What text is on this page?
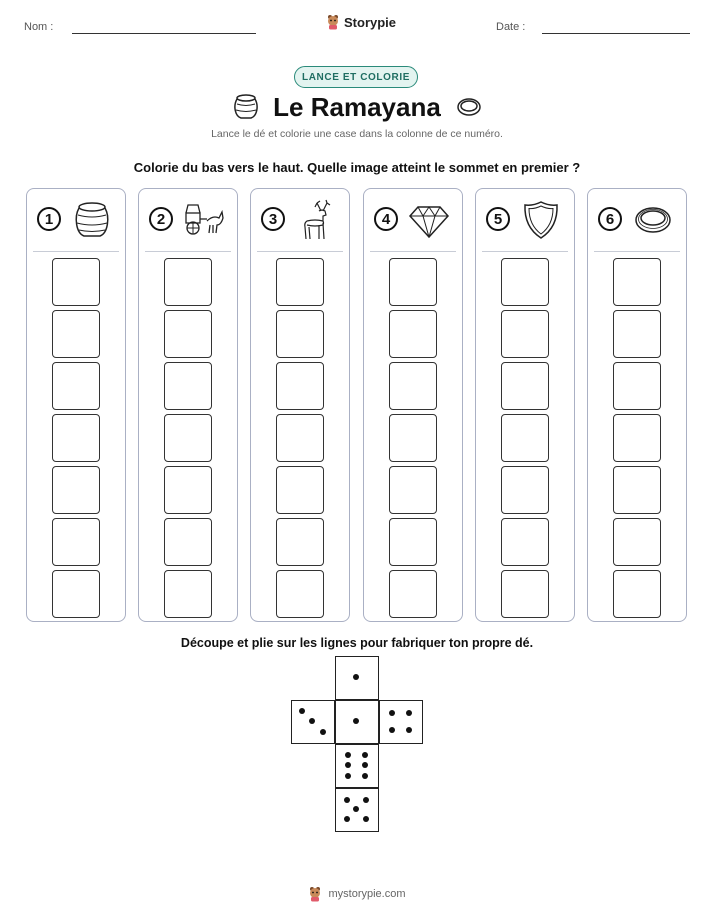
Nom :	Storypie	Date :
LANCE ET COLORIE
Le Ramayana
Lance le dé et colorie une case dans la colonne de ce numéro.
Colorie du bas vers le haut. Quelle image atteint le sommet en premier ?
1	2	3	4	5	6
Découpe et plie sur les lignes pour fabriquer ton propre dé.
mystorypie.com
